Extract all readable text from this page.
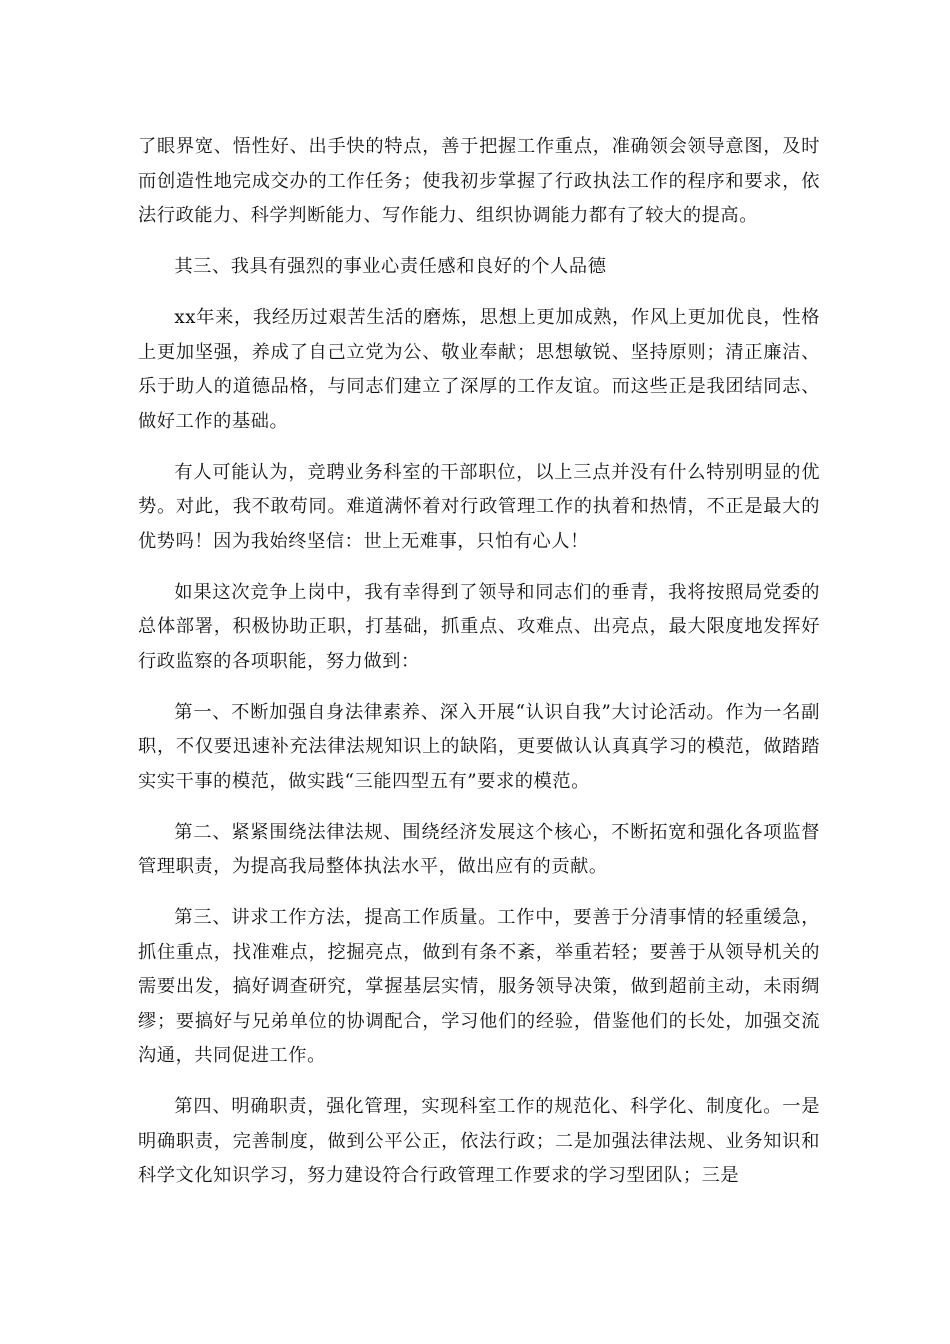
了眼界宽、悟性好、出手快的特点，善于把握工作重点，准确领会领导意图，及时而创造性地完成交办的工作任务；使我初步掌握了行政执法工作的程序和要求，依法行政能力、科学判断能力、写作能力、组织协调能力都有了较大的提高。

其三、我具有强烈的事业心责任感和良好的个人品德

xx年来，我经历过艰苦生活的磨炼，思想上更加成熟，作风上更加优良，性格上更加坚强，养成了自己立党为公、敬业奉献；思想敏锐、坚持原则；清正廉洁、乐于助人的道德品格，与同志们建立了深厚的工作友谊。而这些正是我团结同志、做好工作的基础。

有人可能认为，竞聘业务科室的干部职位，以上三点并没有什么特别明显的优势。对此，我不敢苟同。难道满怀着对行政管理工作的执着和热情，不正是最大的优势吗！因为我始终坚信：世上无难事，只怕有心人！

如果这次竞争上岗中，我有幸得到了领导和同志们的垂青，我将按照局党委的总体部署，积极协助正职，打基础，抓重点、攻难点、出亮点，最大限度地发挥好行政监察的各项职能，努力做到：

第一、不断加强自身法律素养、深入开展“认识自我”大讨论活动。作为一名副职，不仅要迅速补充法律法规知识上的缺陷，更要做认认真真学习的模范，做踏踏实实干事的模范，做实践“三能四型五有”要求的模范。

第二、紧紧围绕法律法规、围绕经济发展这个核心，不断拓宽和强化各项监督管理职责，为提高我局整体执法水平，做出应有的贡献。

第三、讲求工作方法，提高工作质量。工作中，要善于分清事情的轻重缓急，抓住重点，找准难点，挖掘亮点，做到有条不紊，举重若轻；要善于从领导机关的需要出发，搞好调查研究，掌握基层实情，服务领导决策，做到超前主动，未雨绸缪；要搞好与兄弟单位的协调配合，学习他们的经验，借鉴他们的长处，加强交流沟通，共同促进工作。

第四、明确职责，强化管理，实现科室工作的规范化、科学化、制度化。一是明确职责，完善制度，做到公平公正，依法行政；二是加强法律法规、业务知识和科学文化知识学习，努力建设符合行政管理工作要求的学习型团队；三是
